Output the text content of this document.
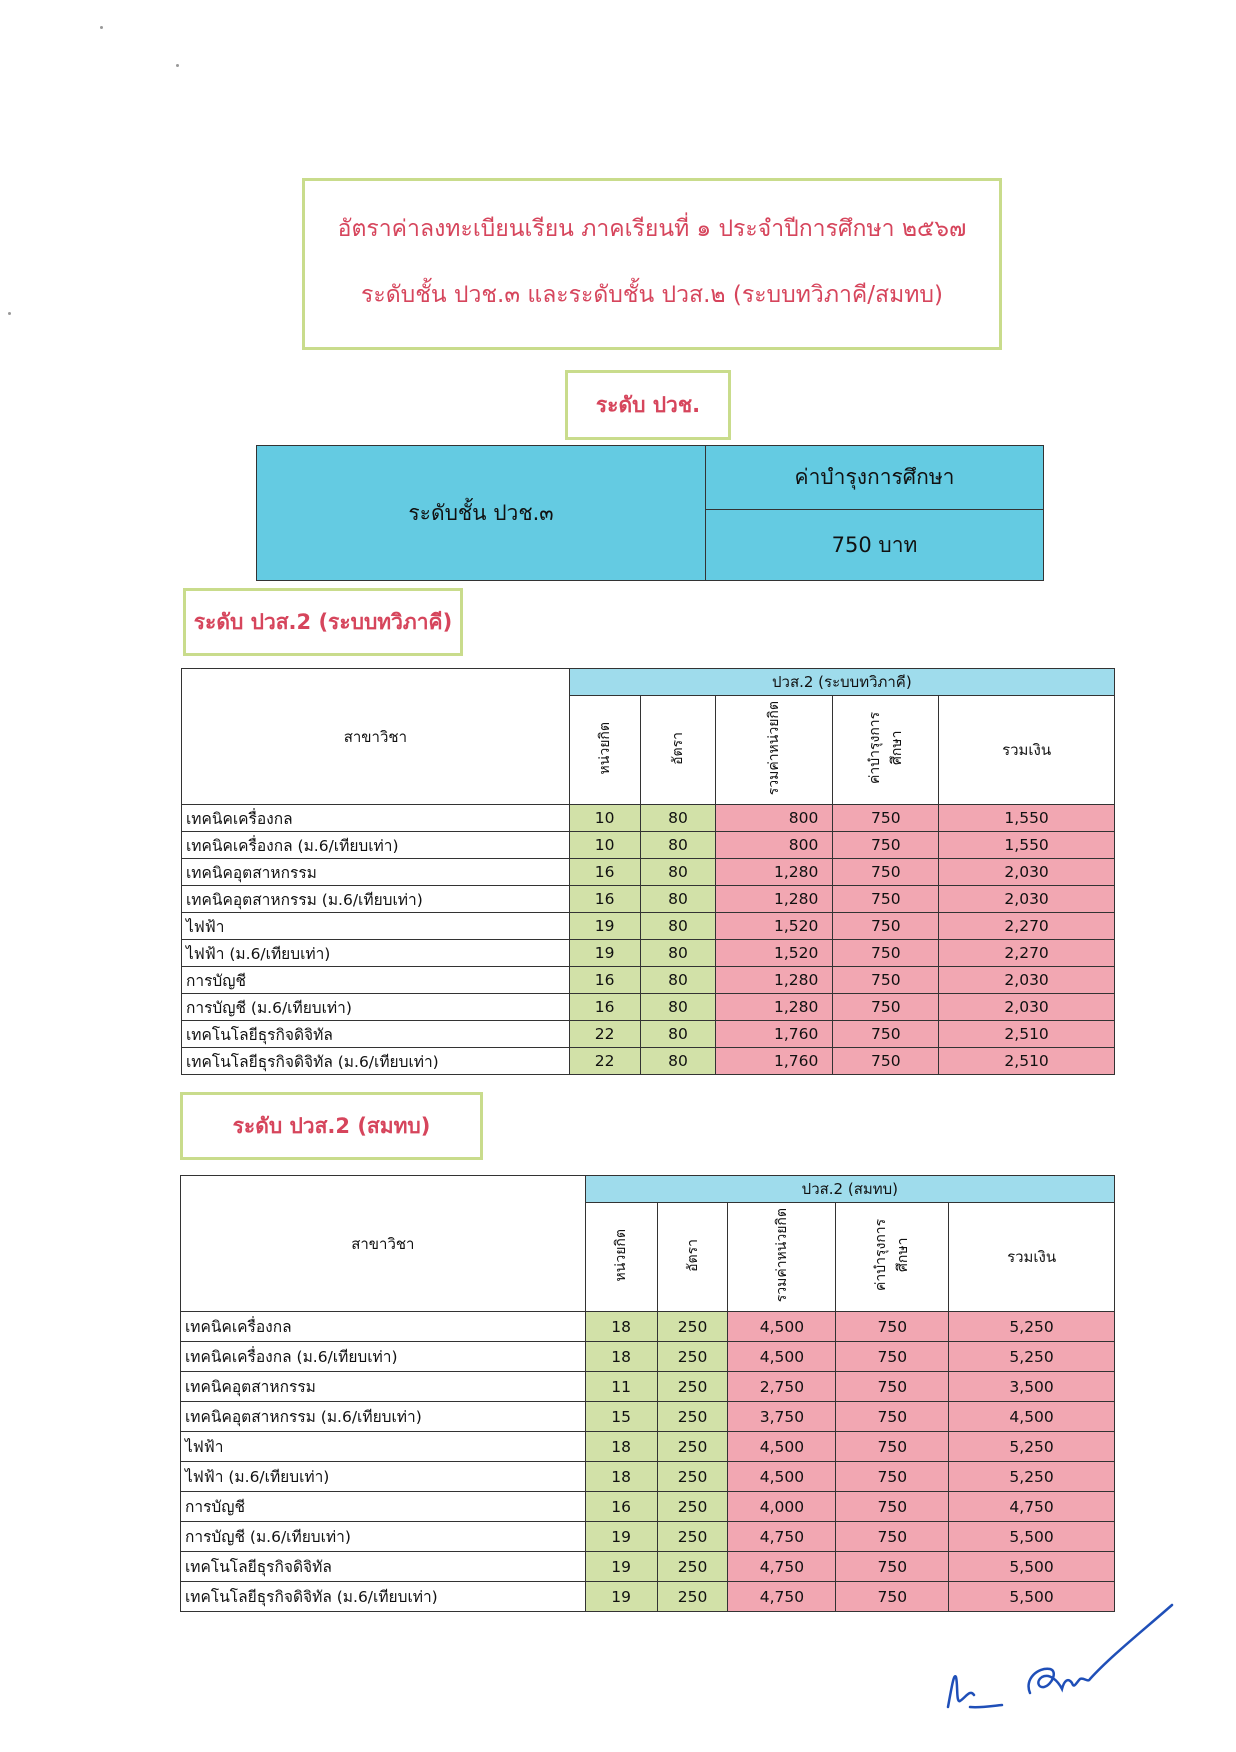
อัตราค่าลงทะเบียนเรียน ภาคเรียนที่ ๑ ประจำปีการศึกษา ๒๕๖๗
ระดับชั้น ปวช.๓ และระดับชั้น ปวส.๒ (ระบบทวิภาคี/สมทบ)
ระดับ ปวช.
ระดับชั้น ปวช.๓
ค่าบำรุงการศึกษา
750 บาท
ระดับ ปวส.2 (ระบบทวิภาคี)
สาขาวิชา	ปวส.2 (ระบบทวิภาคี)				
	หน่วยกิต	อัตรา	รวมค่าหน่วยกิต	ค่าบำรุงการศึกษา	รวมเงิน
เทคนิคเครื่องกล	10	80	800	750	1,550
เทคนิคเครื่องกล (ม.6/เทียบเท่า)	10	80	800	750	1,550
เทคนิคอุตสาหกรรม	16	80	1,280	750	2,030
เทคนิคอุตสาหกรรม (ม.6/เทียบเท่า)	16	80	1,280	750	2,030
ไฟฟ้า	19	80	1,520	750	2,270
ไฟฟ้า (ม.6/เทียบเท่า)	19	80	1,520	750	2,270
การบัญชี	16	80	1,280	750	2,030
การบัญชี (ม.6/เทียบเท่า)	16	80	1,280	750	2,030
เทคโนโลยีธุรกิจดิจิทัล	22	80	1,760	750	2,510
เทคโนโลยีธุรกิจดิจิทัล (ม.6/เทียบเท่า)	22	80	1,760	750	2,510
ระดับ ปวส.2 (สมทบ)
สาขาวิชา	ปวส.2 (สมทบ)				
	หน่วยกิต	อัตรา	รวมค่าหน่วยกิต	ค่าบำรุงการศึกษา	รวมเงิน
เทคนิคเครื่องกล	18	250	4,500	750	5,250
เทคนิคเครื่องกล (ม.6/เทียบเท่า)	18	250	4,500	750	5,250
เทคนิคอุตสาหกรรม	11	250	2,750	750	3,500
เทคนิคอุตสาหกรรม (ม.6/เทียบเท่า)	15	250	3,750	750	4,500
ไฟฟ้า	18	250	4,500	750	5,250
ไฟฟ้า (ม.6/เทียบเท่า)	18	250	4,500	750	5,250
การบัญชี	16	250	4,000	750	4,750
การบัญชี (ม.6/เทียบเท่า)	19	250	4,750	750	5,500
เทคโนโลยีธุรกิจดิจิทัล	19	250	4,750	750	5,500
เทคโนโลยีธุรกิจดิจิทัล (ม.6/เทียบเท่า)	19	250	4,750	750	5,500
